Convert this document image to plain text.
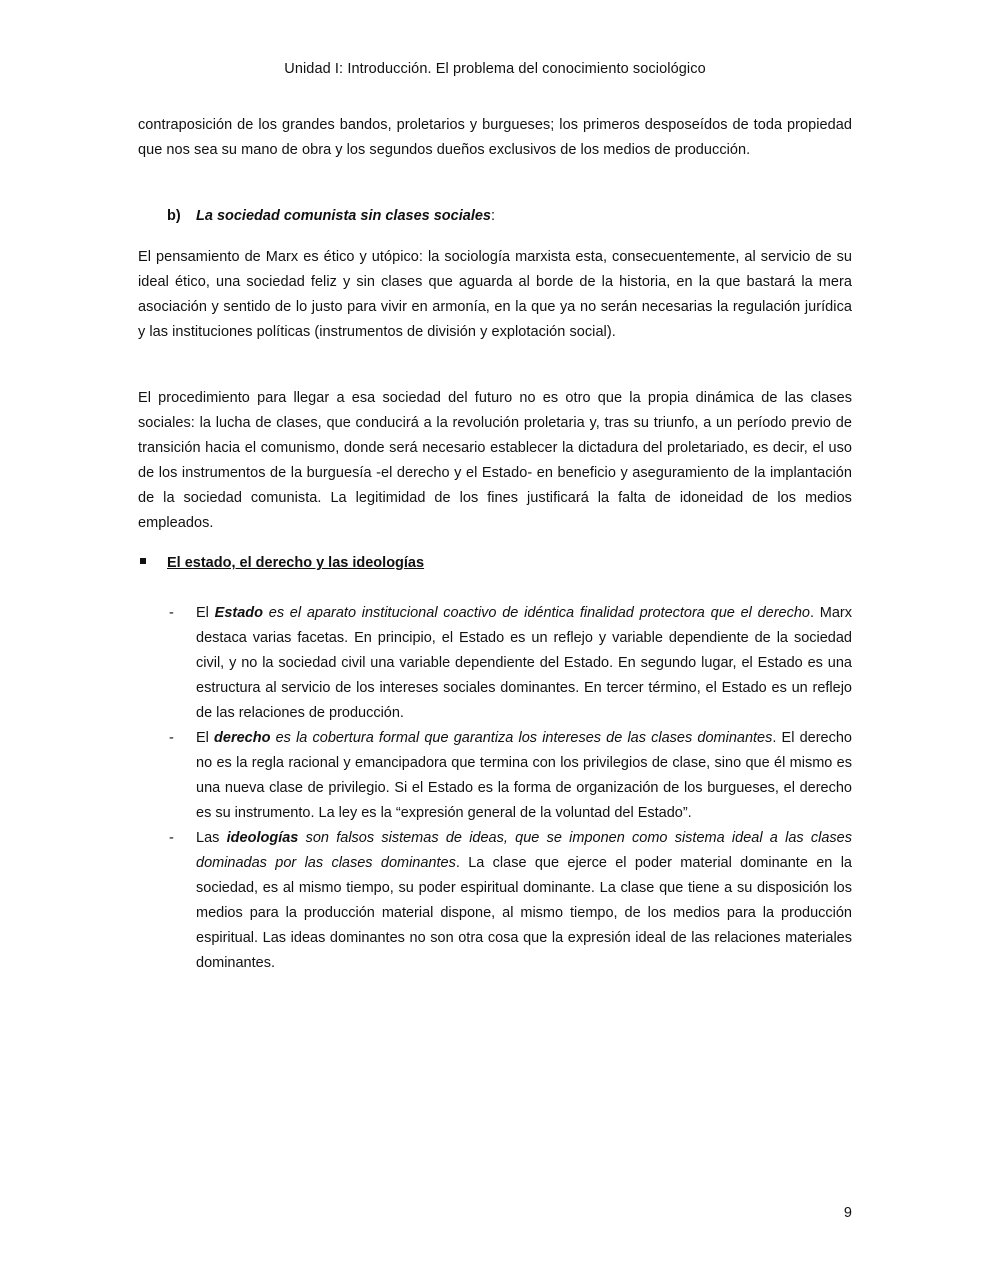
Unidad I: Introducción. El problema del conocimiento sociológico

contraposición de los grandes bandos, proletarios y burgueses; los primeros desposeídos de toda propiedad que nos sea su mano de obra y los segundos dueños exclusivos de los medios de producción.

b) La sociedad comunista sin clases sociales:

El pensamiento de Marx es ético y utópico: la sociología marxista esta, consecuentemente, al servicio de su ideal ético, una sociedad feliz y sin clases que aguarda al borde de la historia, en la que bastará la mera asociación y sentido de lo justo para vivir en armonía, en la que ya no serán necesarias la regulación jurídica y las instituciones políticas (instrumentos de división y explotación social).

El procedimiento para llegar a esa sociedad del futuro no es otro que la propia dinámica de las clases sociales: la lucha de clases, que conducirá a la revolución proletaria y, tras su triunfo, a un período previo de transición hacia el comunismo, donde será necesario establecer la dictadura del proletariado, es decir, el uso de los instrumentos de la burguesía -el derecho y el Estado- en beneficio y aseguramiento de la implantación de la sociedad comunista. La legitimidad de los fines justificará la falta de idoneidad de los medios empleados.

El estado, el derecho y las ideologías
- El Estado es el aparato institucional coactivo de idéntica finalidad protectora que el derecho. Marx destaca varias facetas. En principio, el Estado es un reflejo y variable dependiente de la sociedad civil, y no la sociedad civil una variable dependiente del Estado. En segundo lugar, el Estado es una estructura al servicio de los intereses sociales dominantes. En tercer término, el Estado es un reflejo de las relaciones de producción.
- El derecho es la cobertura formal que garantiza los intereses de las clases dominantes. El derecho no es la regla racional y emancipadora que termina con los privilegios de clase, sino que él mismo es una nueva clase de privilegio. Si el Estado es la forma de organización de los burgueses, el derecho es su instrumento. La ley es la “expresión general de la voluntad del Estado”.
- Las ideologías son falsos sistemas de ideas, que se imponen como sistema ideal a las clases dominadas por las clases dominantes. La clase que ejerce el poder material dominante en la sociedad, es al mismo tiempo, su poder espiritual dominante. La clase que tiene a su disposición los medios para la producción material dispone, al mismo tiempo, de los medios para la producción espiritual. Las ideas dominantes no son otra cosa que la expresión ideal de las relaciones materiales dominantes.
9
